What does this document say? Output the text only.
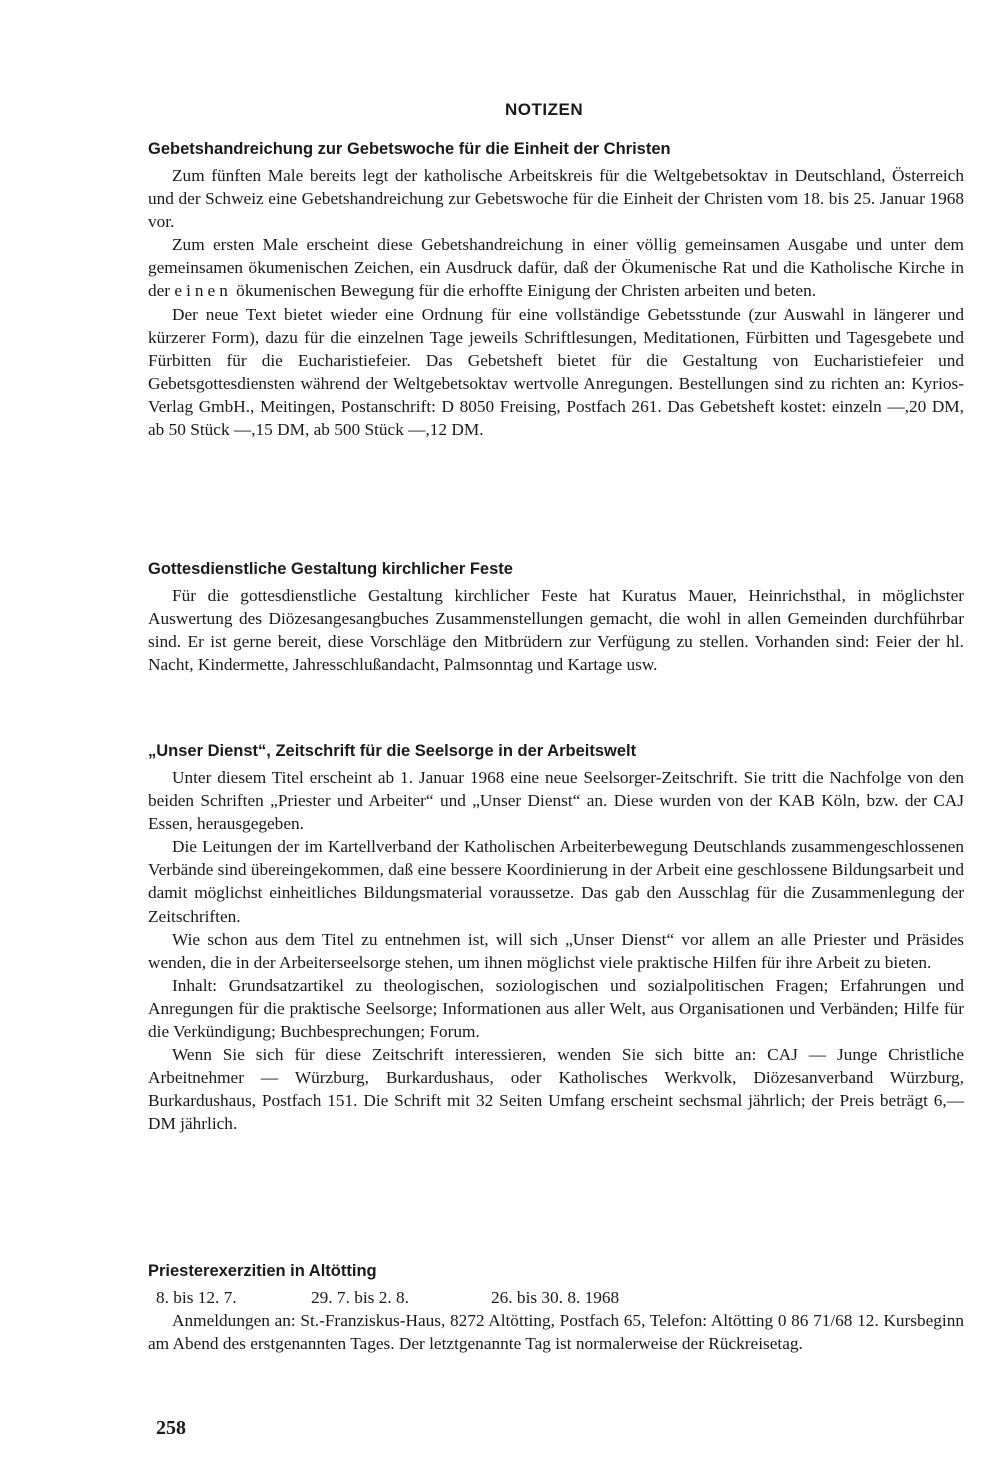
NOTIZEN
Gebetshandreichung zur Gebetswoche für die Einheit der Christen

Zum fünften Male bereits legt der katholische Arbeitskreis für die Weltgebetsoktav in Deutschland, Österreich und der Schweiz eine Gebetshandreichung zur Gebetswoche für die Einheit der Christen vom 18. bis 25. Januar 1968 vor.

Zum ersten Male erscheint diese Gebetshandreichung in einer völlig gemeinsamen Ausgabe und unter dem gemeinsamen ökumenischen Zeichen, ein Ausdruck dafür, daß der Ökumenische Rat und die Katholische Kirche in der einen ökumenischen Bewegung für die erhoffte Einigung der Christen arbeiten und beten.

Der neue Text bietet wieder eine Ordnung für eine vollständige Gebetsstunde (zur Auswahl in längerer und kürzerer Form), dazu für die einzelnen Tage jeweils Schriftlesungen, Meditationen, Fürbitten und Tagesgebete und Fürbitten für die Eucharistiefeier. Das Gebetsheft bietet für die Gestaltung von Eucharistiefeier und Gebetsgottesdiensten während der Weltgebetsoktav wertvolle Anregungen. Bestellungen sind zu richten an: Kyrios-Verlag GmbH., Meitingen, Postanschrift: D 8050 Freising, Postfach 261. Das Gebetsheft kostet: einzeln —,20 DM, ab 50 Stück —,15 DM, ab 500 Stück —,12 DM.

Gottesdienstliche Gestaltung kirchlicher Feste

Für die gottesdienstliche Gestaltung kirchlicher Feste hat Kuratus Mauer, Heinrichsthal, in möglichster Auswertung des Diözesangesangbuches Zusammenstellungen gemacht, die wohl in allen Gemeinden durchführbar sind. Er ist gerne bereit, diese Vorschläge den Mitbrüdern zur Verfügung zu stellen. Vorhanden sind: Feier der hl. Nacht, Kindermette, Jahresschlußandacht, Palmsonntag und Kartage usw.

„Unser Dienst“, Zeitschrift für die Seelsorge in der Arbeitswelt

Unter diesem Titel erscheint ab 1. Januar 1968 eine neue Seelsorger-Zeitschrift. Sie tritt die Nachfolge von den beiden Schriften „Priester und Arbeiter“ und „Unser Dienst“ an. Diese wurden von der KAB Köln, bzw. der CAJ Essen, herausgegeben.

Die Leitungen der im Kartellverband der Katholischen Arbeiterbewegung Deutschlands zusammengeschlossenen Verbände sind übereingekommen, daß eine bessere Koordinierung in der Arbeit eine geschlossene Bildungsarbeit und damit möglichst einheitliches Bildungsmaterial voraussetze. Das gab den Ausschlag für die Zusammenlegung der Zeitschriften.

Wie schon aus dem Titel zu entnehmen ist, will sich „Unser Dienst“ vor allem an alle Priester und Präsides wenden, die in der Arbeiterseelsorge stehen, um ihnen möglichst viele praktische Hilfen für ihre Arbeit zu bieten.

Inhalt: Grundsatzartikel zu theologischen, soziologischen und sozialpolitischen Fragen; Erfahrungen und Anregungen für die praktische Seelsorge; Informationen aus aller Welt, aus Organisationen und Verbänden; Hilfe für die Verkündigung; Buchbesprechungen; Forum.

Wenn Sie sich für diese Zeitschrift interessieren, wenden Sie sich bitte an: CAJ — Junge Christliche Arbeitnehmer — Würzburg, Burkardushaus, oder Katholisches Werkvolk, Diözesanverband Würzburg, Burkardushaus, Postfach 151. Die Schrift mit 32 Seiten Umfang erscheint sechsmal jährlich; der Preis beträgt 6,— DM jährlich.

Priesterexerzitien in Altötting
8. bis 12. 7.	29. 7. bis 2. 8.	26. bis 30. 8. 1968

Anmeldungen an: St.-Franziskus-Haus, 8272 Altötting, Postfach 65, Telefon: Altötting 0 86 71/68 12. Kursbeginn am Abend des erstgenannten Tages. Der letztgenannte Tag ist normalerweise der Rückreisetag.

258
